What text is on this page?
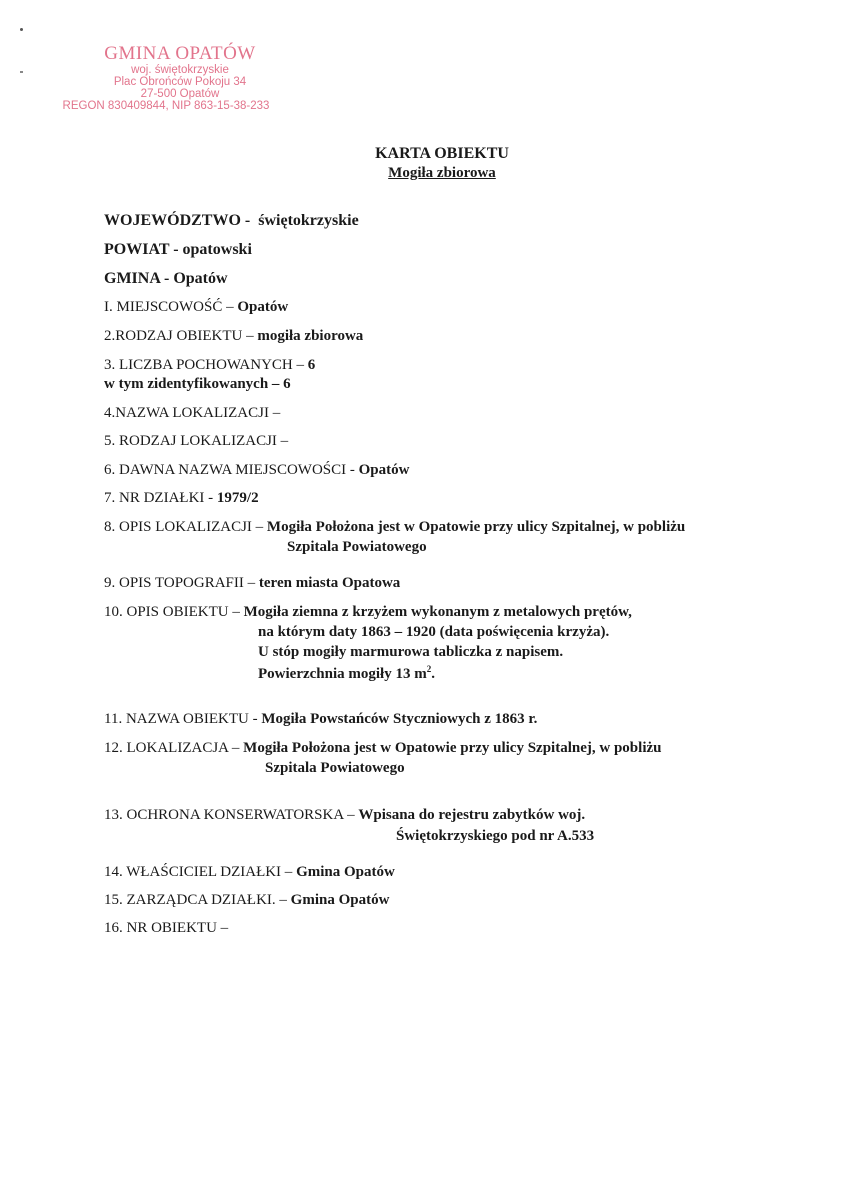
GMINA OPATÓW
woj. świętokrzyskie
Plac Obrońców Pokoju 34
27-500 Opatów
REGON 830409844, NIP 863-15-38-233
KARTA OBIEKTU
Mogiła zbiorowa
WOJEWÓDZTWO - świętokrzyskie
POWIAT - opatowski
GMINA - Opatów
I. MIEJSCOWOŚĆ – Opatów
2.RODZAJ OBIEKTU – mogiła zbiorowa
3. LICZBA POCHOWANYCH – 6
w tym zidentyfikowanych – 6
4.NAZWA LOKALIZACJI –
5. RODZAJ LOKALIZACJI –
6. DAWNA NAZWA MIEJSCOWOŚCI - Opatów
7. NR DZIAŁKI - 1979/2
8. OPIS LOKALIZACJI – Mogiła Położona jest w Opatowie przy ulicy Szpitalnej, w pobliżu
Szpitala Powiatowego
9. OPIS TOPOGRAFII – teren miasta Opatowa
10. OPIS OBIEKTU – Mogiła ziemna z krzyżem wykonanym z metalowych prętów,
na którym daty 1863 – 1920 (data poświęcenia krzyża).
U stóp mogiły marmurowa tabliczka z napisem.
Powierzchnia mogiły 13 $m^2$.
11. NAZWA OBIEKTU - Mogiła Powstańców Styczniowych z 1863 r.
12. LOKALIZACJA – Mogiła Położona jest w Opatowie przy ulicy Szpitalnej, w pobliżu
Szpitala Powiatowego
13. OCHRONA KONSERWATORSKA – Wpisana do rejestru zabytków woj.
Świętokrzyskiego pod nr A.533
14. WŁAŚCICIEL DZIAŁKI – Gmina Opatów
15. ZARZĄDCA DZIAŁKI. – Gmina Opatów
16. NR OBIEKTU –
